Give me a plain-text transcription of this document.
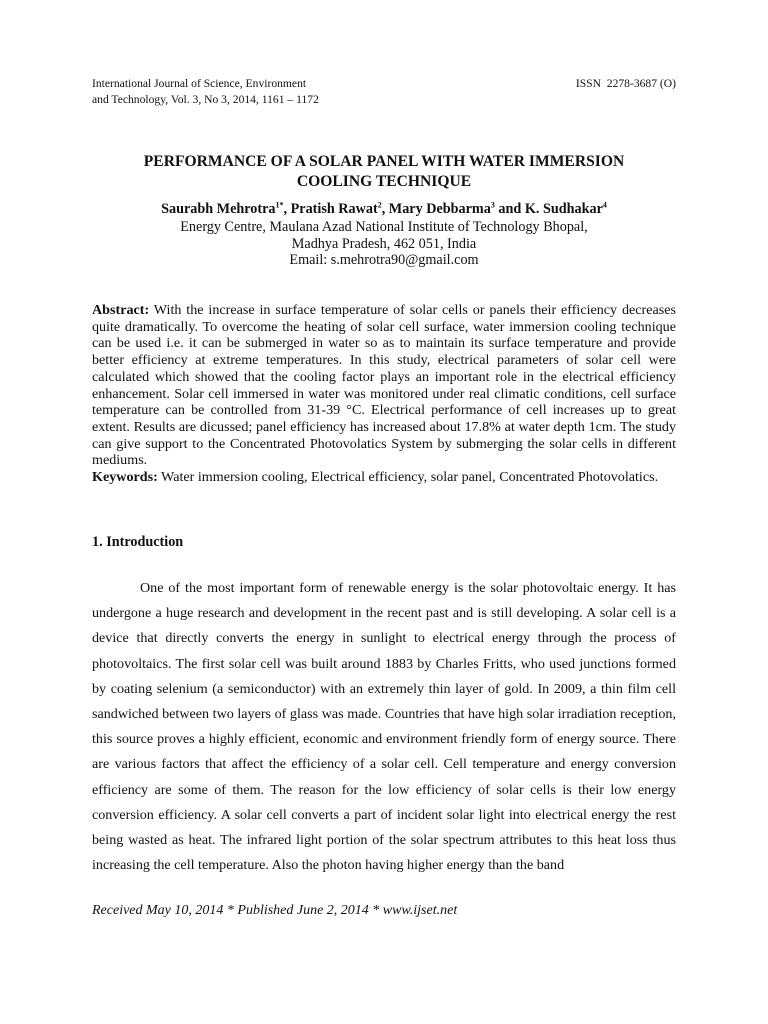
International Journal of Science, Environment
and Technology, Vol. 3, No 3, 2014, 1161 – 1172
ISSN  2278-3687 (O)
PERFORMANCE OF A SOLAR PANEL WITH WATER IMMERSION
COOLING TECHNIQUE
Saurabh Mehrotra$^{1*}$, Pratish Rawat$^2$, Mary Debbarma$^3$ and K. Sudhakar$^4$
Energy Centre, Maulana Azad National Institute of Technology Bhopal,
Madhya Pradesh, 462 051, India
Email: s.mehrotra90@gmail.com

Abstract: With the increase in surface temperature of solar cells or panels their efficiency decreases quite dramatically. To overcome the heating of solar cell surface, water immersion cooling technique can be used i.e. it can be submerged in water so as to maintain its surface temperature and provide better efficiency at extreme temperatures. In this study, electrical parameters of solar cell were calculated which showed that the cooling factor plays an important role in the electrical efficiency enhancement. Solar cell immersed in water was monitored under real climatic conditions, cell surface temperature can be controlled from 31-39 °C. Electrical performance of cell increases up to great extent. Results are dicussed; panel efficiency has increased about 17.8% at water depth 1cm. The study can give support to the Concentrated Photovolatics System by submerging the solar cells in different mediums.

Keywords: Water immersion cooling, Electrical efficiency, solar panel, Concentrated Photovolatics.

1. Introduction

One of the most important form of renewable energy is the solar photovoltaic energy. It has undergone a huge research and development in the recent past and is still developing. A solar cell is a device that directly converts the energy in sunlight to electrical energy through the process of photovoltaics. The first solar cell was built around 1883 by Charles Fritts, who used junctions formed by coating selenium (a semiconductor) with an extremely thin layer of gold. In 2009, a thin film cell sandwiched between two layers of glass was made. Countries that have high solar irradiation reception, this source proves a highly efficient, economic and environment friendly form of energy source. There are various factors that affect the efficiency of a solar cell. Cell temperature and energy conversion efficiency are some of them. The reason for the low efficiency of solar cells is their low energy conversion efficiency. A solar cell converts a part of incident solar light into electrical energy the rest being wasted as heat. The infrared light portion of the solar spectrum attributes to this heat loss thus increasing the cell temperature. Also the photon having higher energy than the band

Received May 10, 2014 * Published June 2, 2014 * www.ijset.net
